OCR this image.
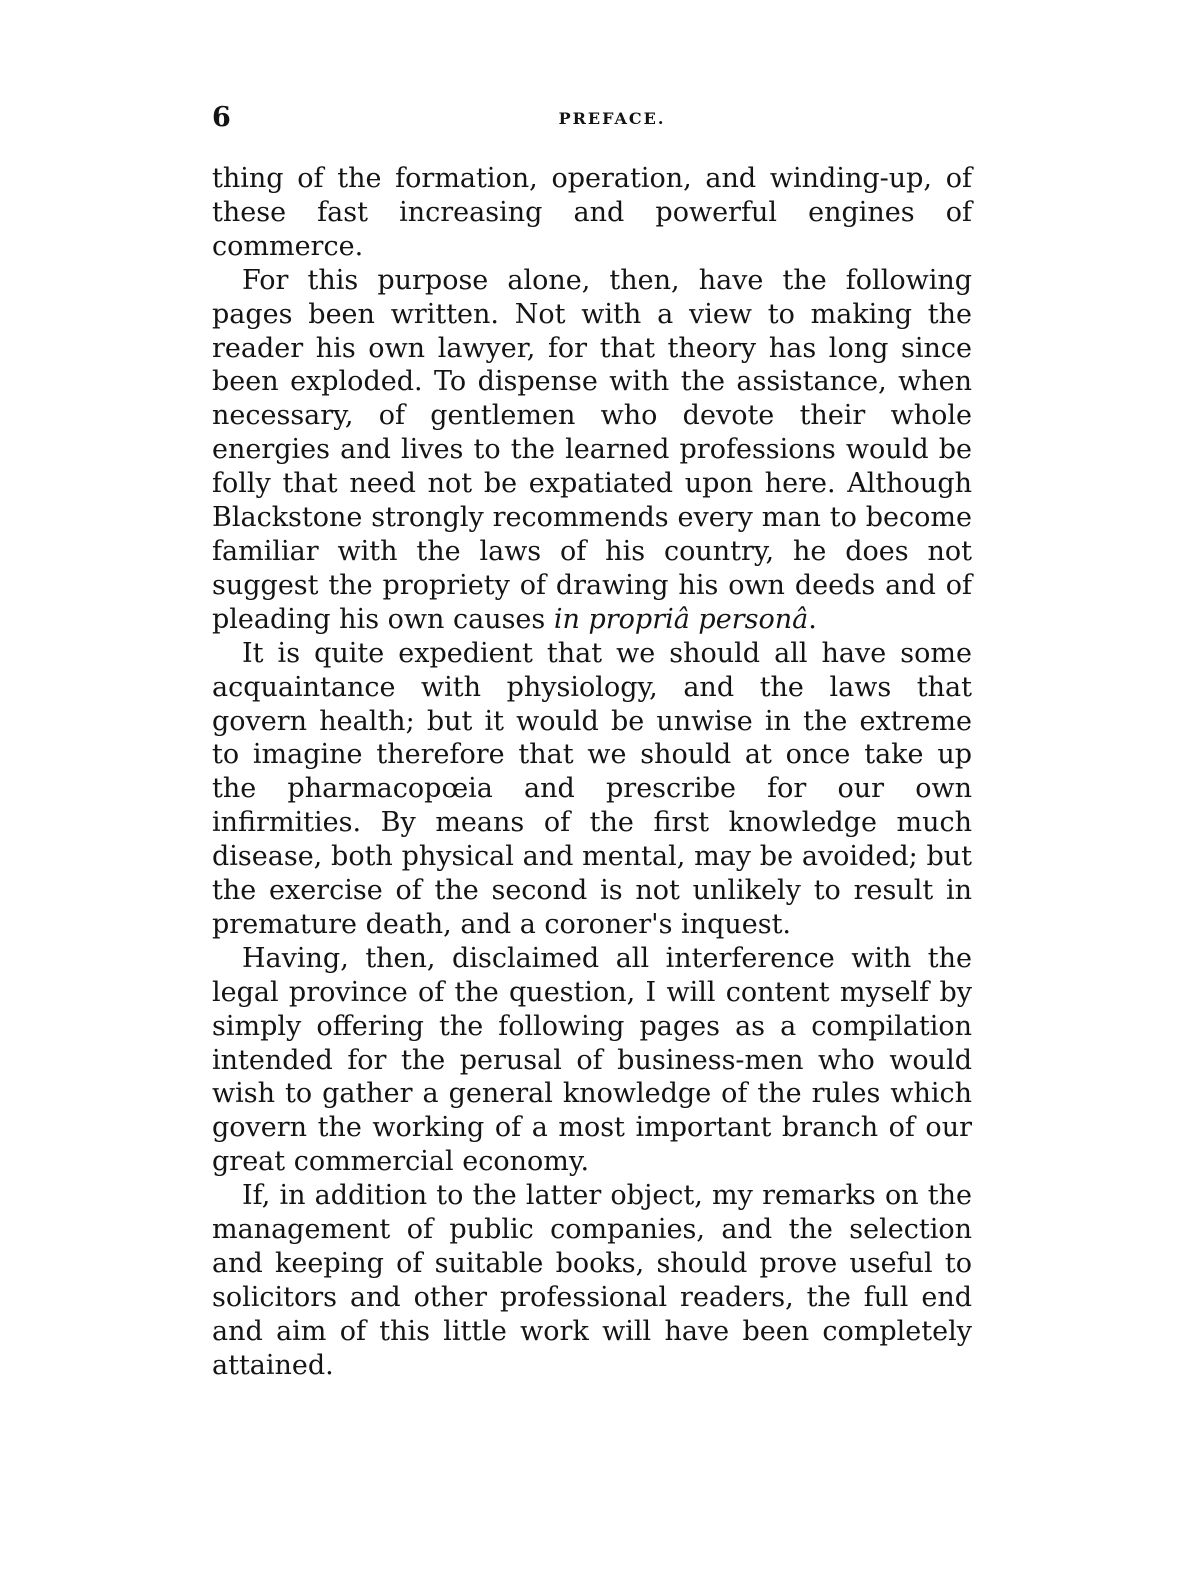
6	PREFACE.

thing of the formation, operation, and winding-up, of these fast increasing and powerful engines of commerce.

For this purpose alone, then, have the following pages been written. Not with a view to making the reader his own lawyer, for that theory has long since been exploded. To dispense with the assistance, when necessary, of gentlemen who devote their whole energies and lives to the learned professions would be folly that need not be expatiated upon here. Although Blackstone strongly recommends every man to become familiar with the laws of his country, he does not suggest the propriety of drawing his own deeds and of pleading his own causes in propriâ personâ.

It is quite expedient that we should all have some acquaintance with physiology, and the laws that govern health; but it would be unwise in the extreme to imagine therefore that we should at once take up the pharmacopœia and prescribe for our own infirmities. By means of the first knowledge much disease, both physical and mental, may be avoided; but the exercise of the second is not unlikely to result in premature death, and a coroner's inquest.

Having, then, disclaimed all interference with the legal province of the question, I will content myself by simply offering the following pages as a compilation intended for the perusal of business-men who would wish to gather a general knowledge of the rules which govern the working of a most important branch of our great commercial economy.

If, in addition to the latter object, my remarks on the management of public companies, and the selection and keeping of suitable books, should prove useful to solicitors and other professional readers, the full end and aim of this little work will have been completely attained.
